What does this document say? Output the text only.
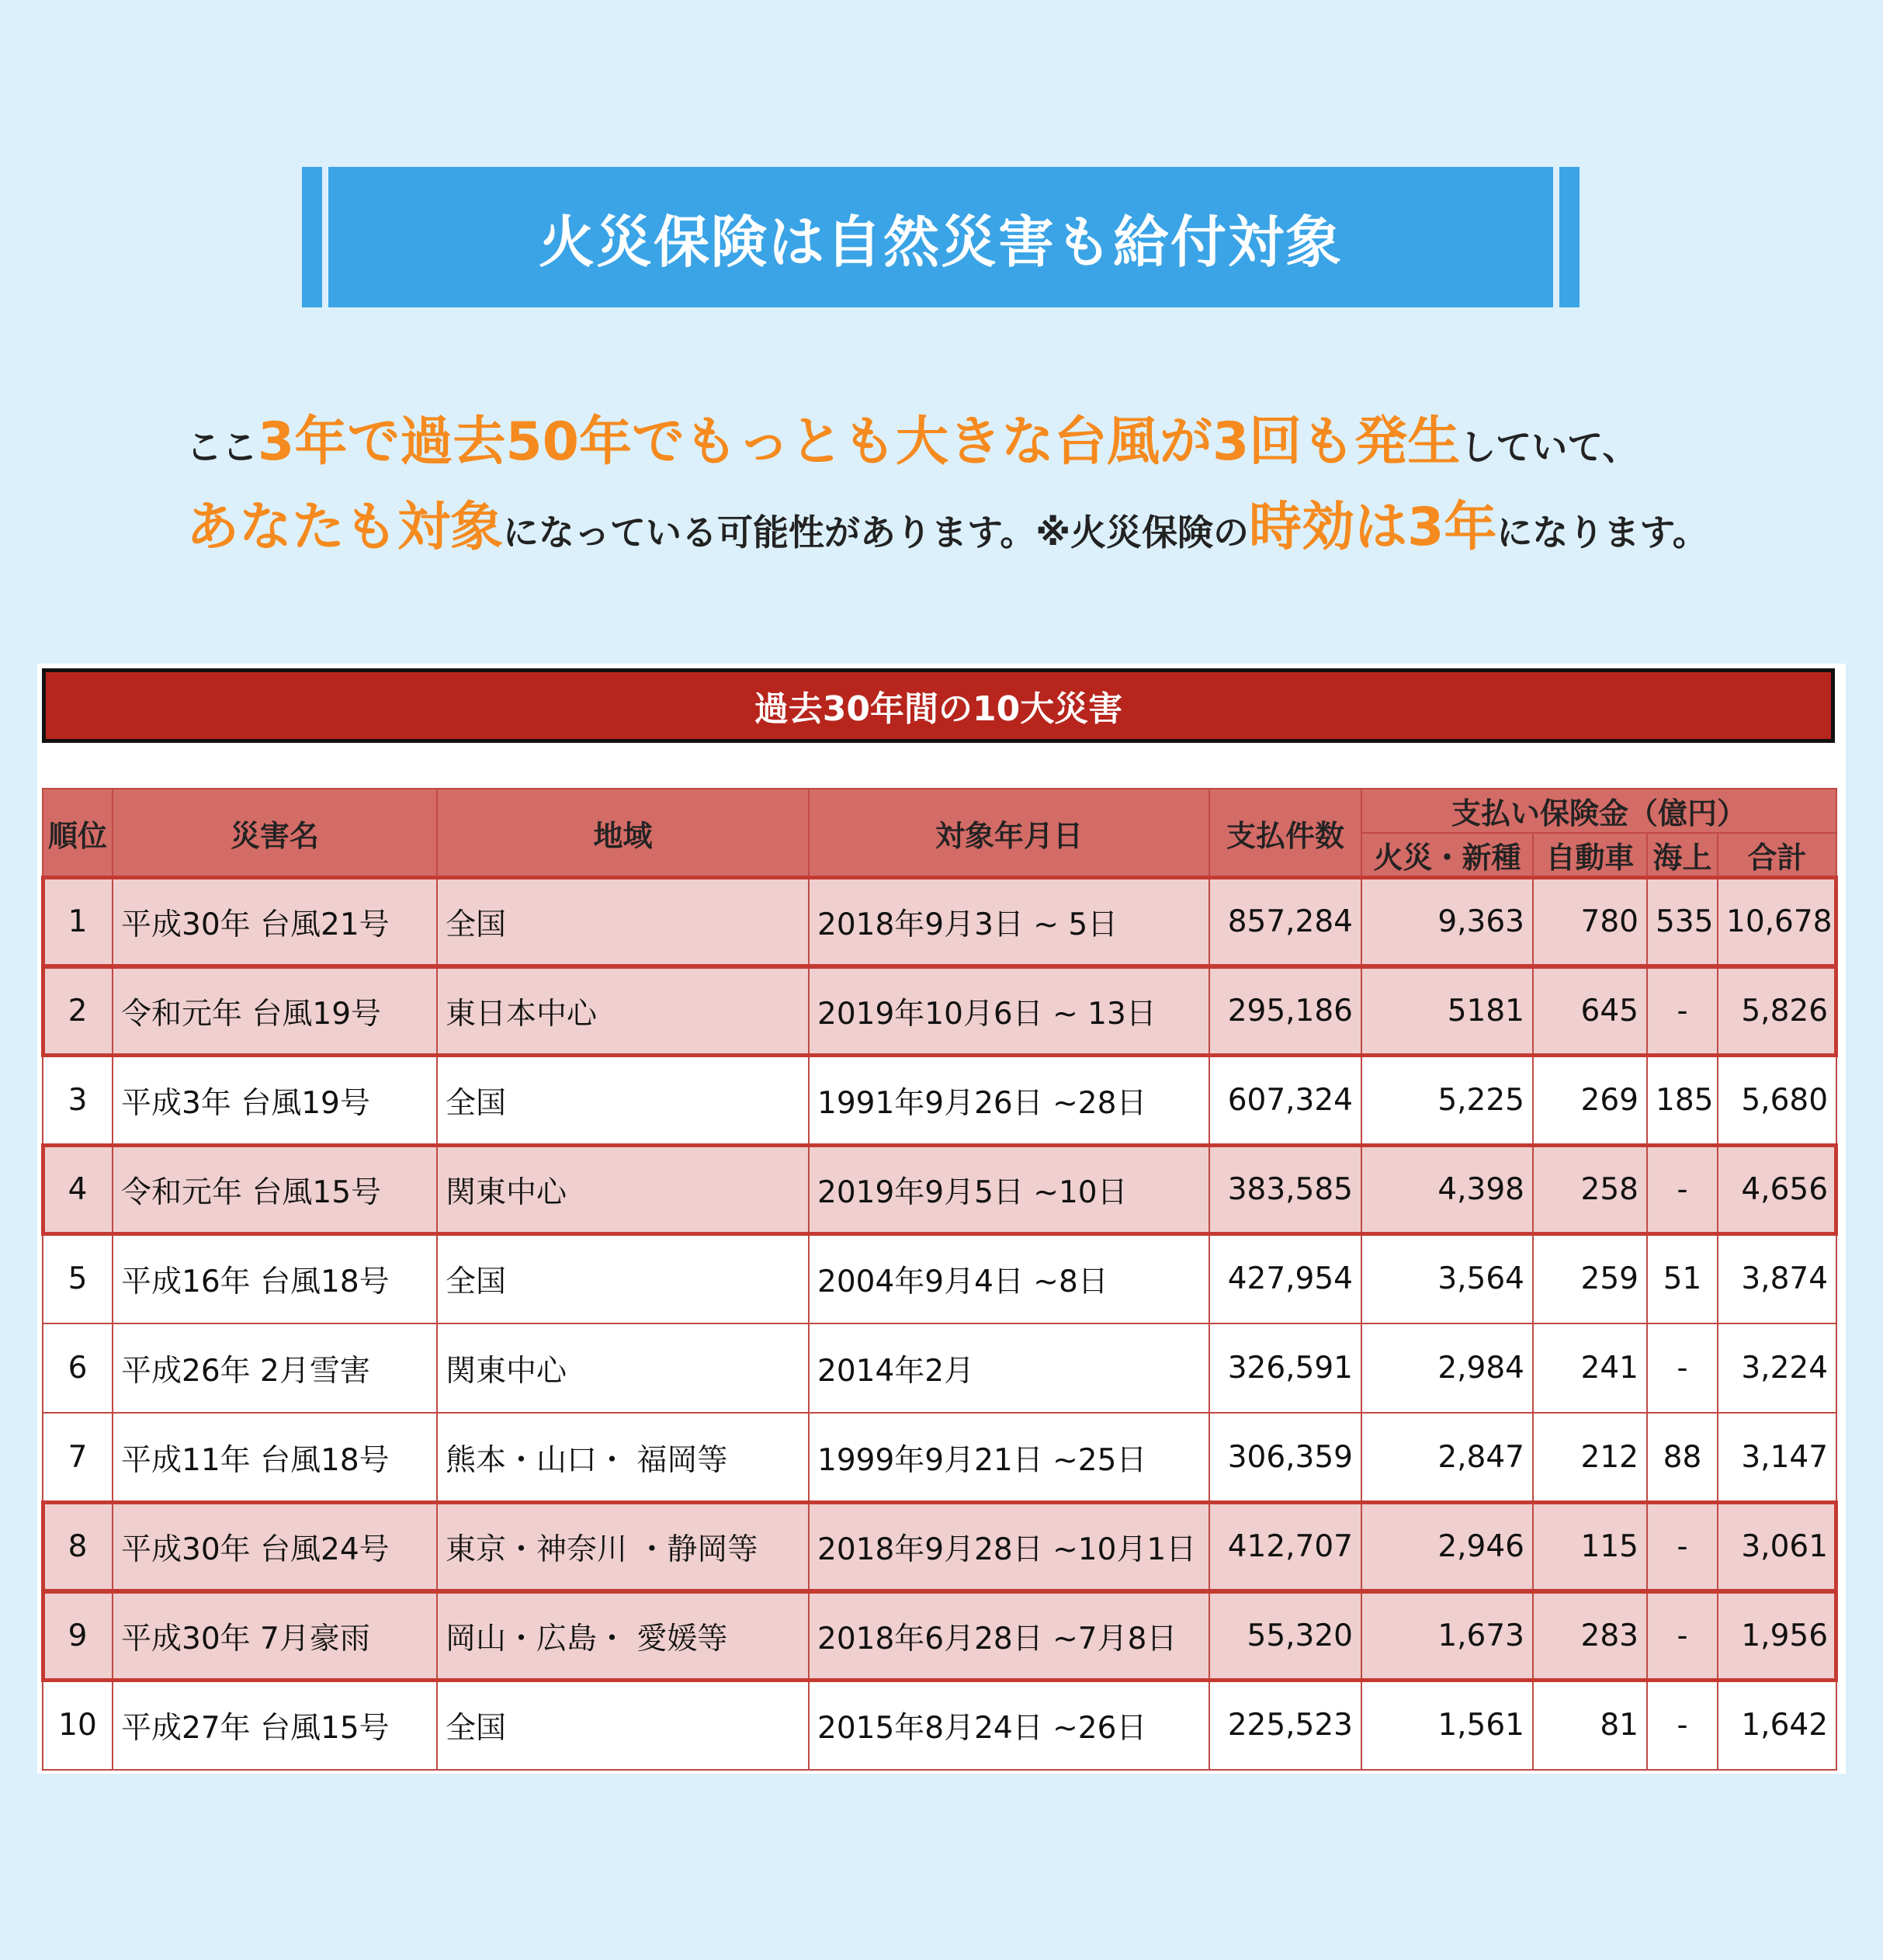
火災保険は自然災害も給付対象
ここ3年で過去50年でもっとも大きな台風が3回も発生していて、
あなたも対象になっている可能性があります。※火災保険の時効は3年になります。
過去30年間の10大災害
順位	災害名	地域	対象年月日	支払件数	支払い保険金（億円）			
					火災・新種	自動車	海上	合計
1	平成30年 台風21号	全国	2018年9月3日 ~ 5日	857,284	9,363	780	535	10,678
2	令和元年 台風19号	東日本中心	2019年10月6日 ~ 13日	295,186	5181	645	-	5,826
3	平成3年 台風19号	全国	1991年9月26日 ~28日	607,324	5,225	269	185	5,680
4	令和元年 台風15号	関東中心	2019年9月5日 ~10日	383,585	4,398	258	-	4,656
5	平成16年 台風18号	全国	2004年9月4日 ~8日	427,954	3,564	259	51	3,874
6	平成26年 2月雪害	関東中心	2014年2月	326,591	2,984	241	-	3,224
7	平成11年 台風18号	熊本・山口・ 福岡等	1999年9月21日 ~25日	306,359	2,847	212	88	3,147
8	平成30年 台風24号	東京・神奈川 ・静岡等	2018年9月28日 ~10月1日	412,707	2,946	115	-	3,061
9	平成30年 7月豪雨	岡山・広島・ 愛媛等	2018年6月28日 ~7月8日	55,320	1,673	283	-	1,956
10	平成27年 台風15号	全国	2015年8月24日 ~26日	225,523	1,561	81	-	1,642
